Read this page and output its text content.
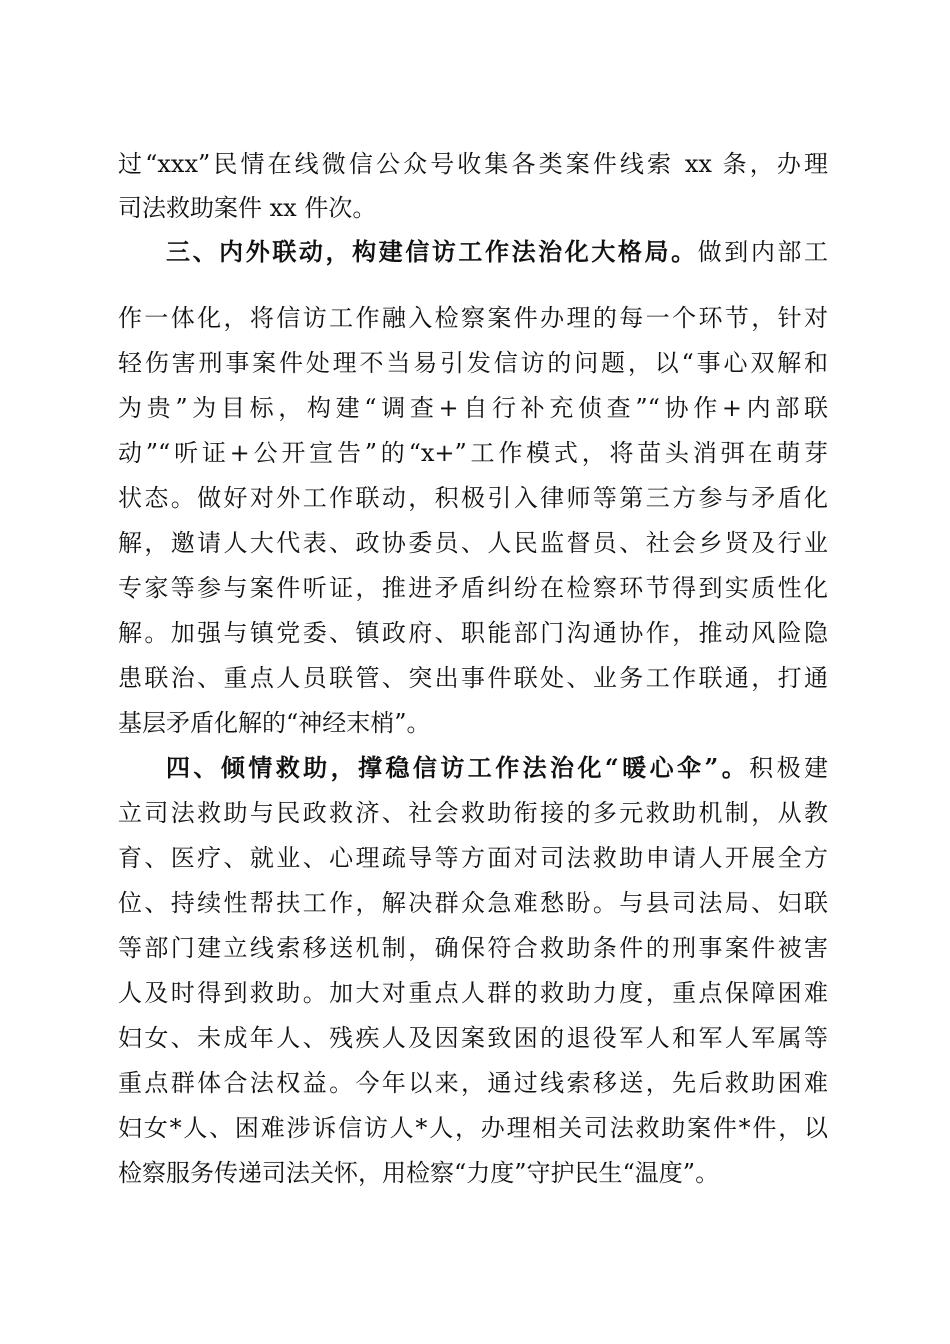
过“xxx”民情在线微信公众号收集各类案件线索 xx 条，办理
司法救助案件 xx 件次。
三、内外联动，构建信访工作法治化大格局。做到内部工
作一体化，将信访工作融入检察案件办理的每一个环节，针对
轻伤害刑事案件处理不当易引发信访的问题，以“事心双解和
为贵”为目标，构建“调查+自行补充侦查”“协作+内部联
动”“听证+公开宣告”的“x+”工作模式，将苗头消弭在萌芽
状态。做好对外工作联动，积极引入律师等第三方参与矛盾化
解，邀请人大代表、政协委员、人民监督员、社会乡贤及行业
专家等参与案件听证，推进矛盾纠纷在检察环节得到实质性化
解。加强与镇党委、镇政府、职能部门沟通协作，推动风险隐
患联治、重点人员联管、突出事件联处、业务工作联通，打通
基层矛盾化解的“神经末梢”。
四、倾情救助，撑稳信访工作法治化“暖心伞”。积极建
立司法救助与民政救济、社会救助衔接的多元救助机制，从教
育、医疗、就业、心理疏导等方面对司法救助申请人开展全方
位、持续性帮扶工作，解决群众急难愁盼。与县司法局、妇联
等部门建立线索移送机制，确保符合救助条件的刑事案件被害
人及时得到救助。加大对重点人群的救助力度，重点保障困难
妇女、未成年人、残疾人及因案致困的退役军人和军人军属等
重点群体合法权益。今年以来，通过线索移送，先后救助困难
妇女*人、困难涉诉信访人*人，办理相关司法救助案件*件，以
检察服务传递司法关怀，用检察“力度”守护民生“温度”。
